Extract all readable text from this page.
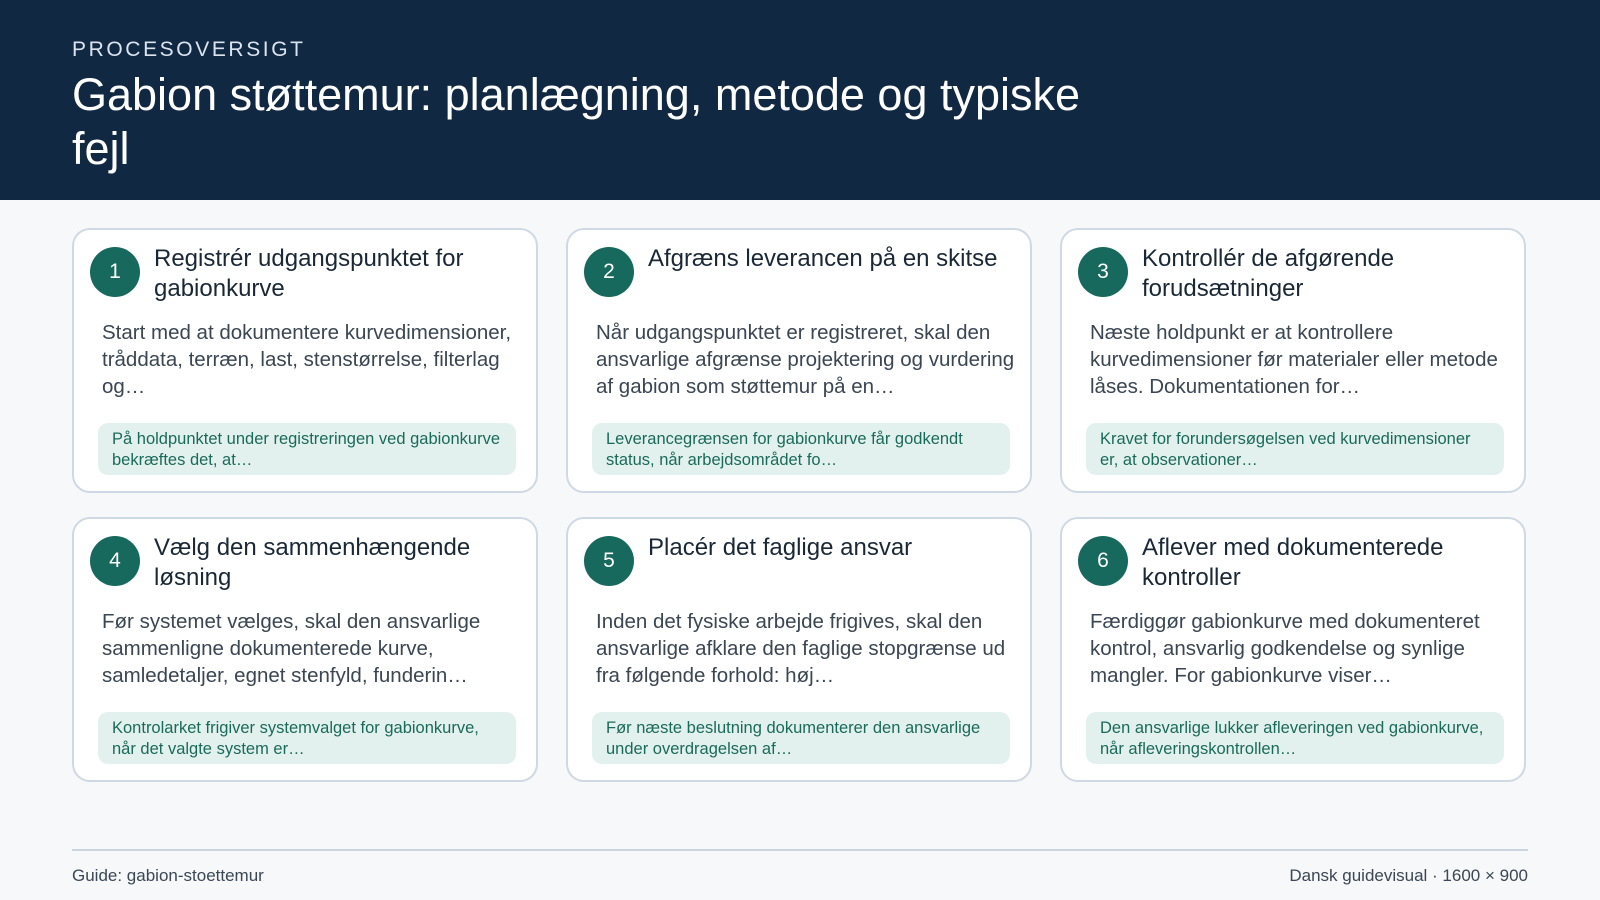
PROCESOVERSIGT
Gabion støttemur: planlægning, metode og typiske fejl
1	Registrér udgangspunktet for gabionkurve
Start med at dokumentere kurvedimensioner, tråddata, terræn, last, stenstørrelse, filterlag og…
På holdpunktet under registreringen ved gabionkurve bekræftes det, at…
2	Afgræns leverancen på en skitse
Når udgangspunktet er registreret, skal den ansvarlige afgrænse projektering og vurdering af gabion som støttemur på en…
Leverancegrænsen for gabionkurve får godkendt status, når arbejdsområdet fo…
3	Kontrollér de afgørende forudsætninger
Næste holdpunkt er at kontrollere kurvedimensioner før materialer eller metode låses. Dokumentationen for…
Kravet for forundersøgelsen ved kurvedimensioner er, at observationer…
4	Vælg den sammenhængende løsning
Før systemet vælges, skal den ansvarlige sammenligne dokumenterede kurve, samledetaljer, egnet stenfyld, funderin…
Kontrolarket frigiver systemvalget for gabionkurve, når det valgte system er…
5	Placér det faglige ansvar
Inden det fysiske arbejde frigives, skal den ansvarlige afklare den faglige stopgrænse ud fra følgende forhold: høj…
Før næste beslutning dokumenterer den ansvarlige under overdragelsen af…
6	Aflever med dokumenterede kontroller
Færdiggør gabionkurve med dokumenteret kontrol, ansvarlig godkendelse og synlige mangler. For gabionkurve viser…
Den ansvarlige lukker afleveringen ved gabionkurve, når afleveringskontrollen…
Guide: gabion-stoettemur	Dansk guidevisual · 1600 × 900
